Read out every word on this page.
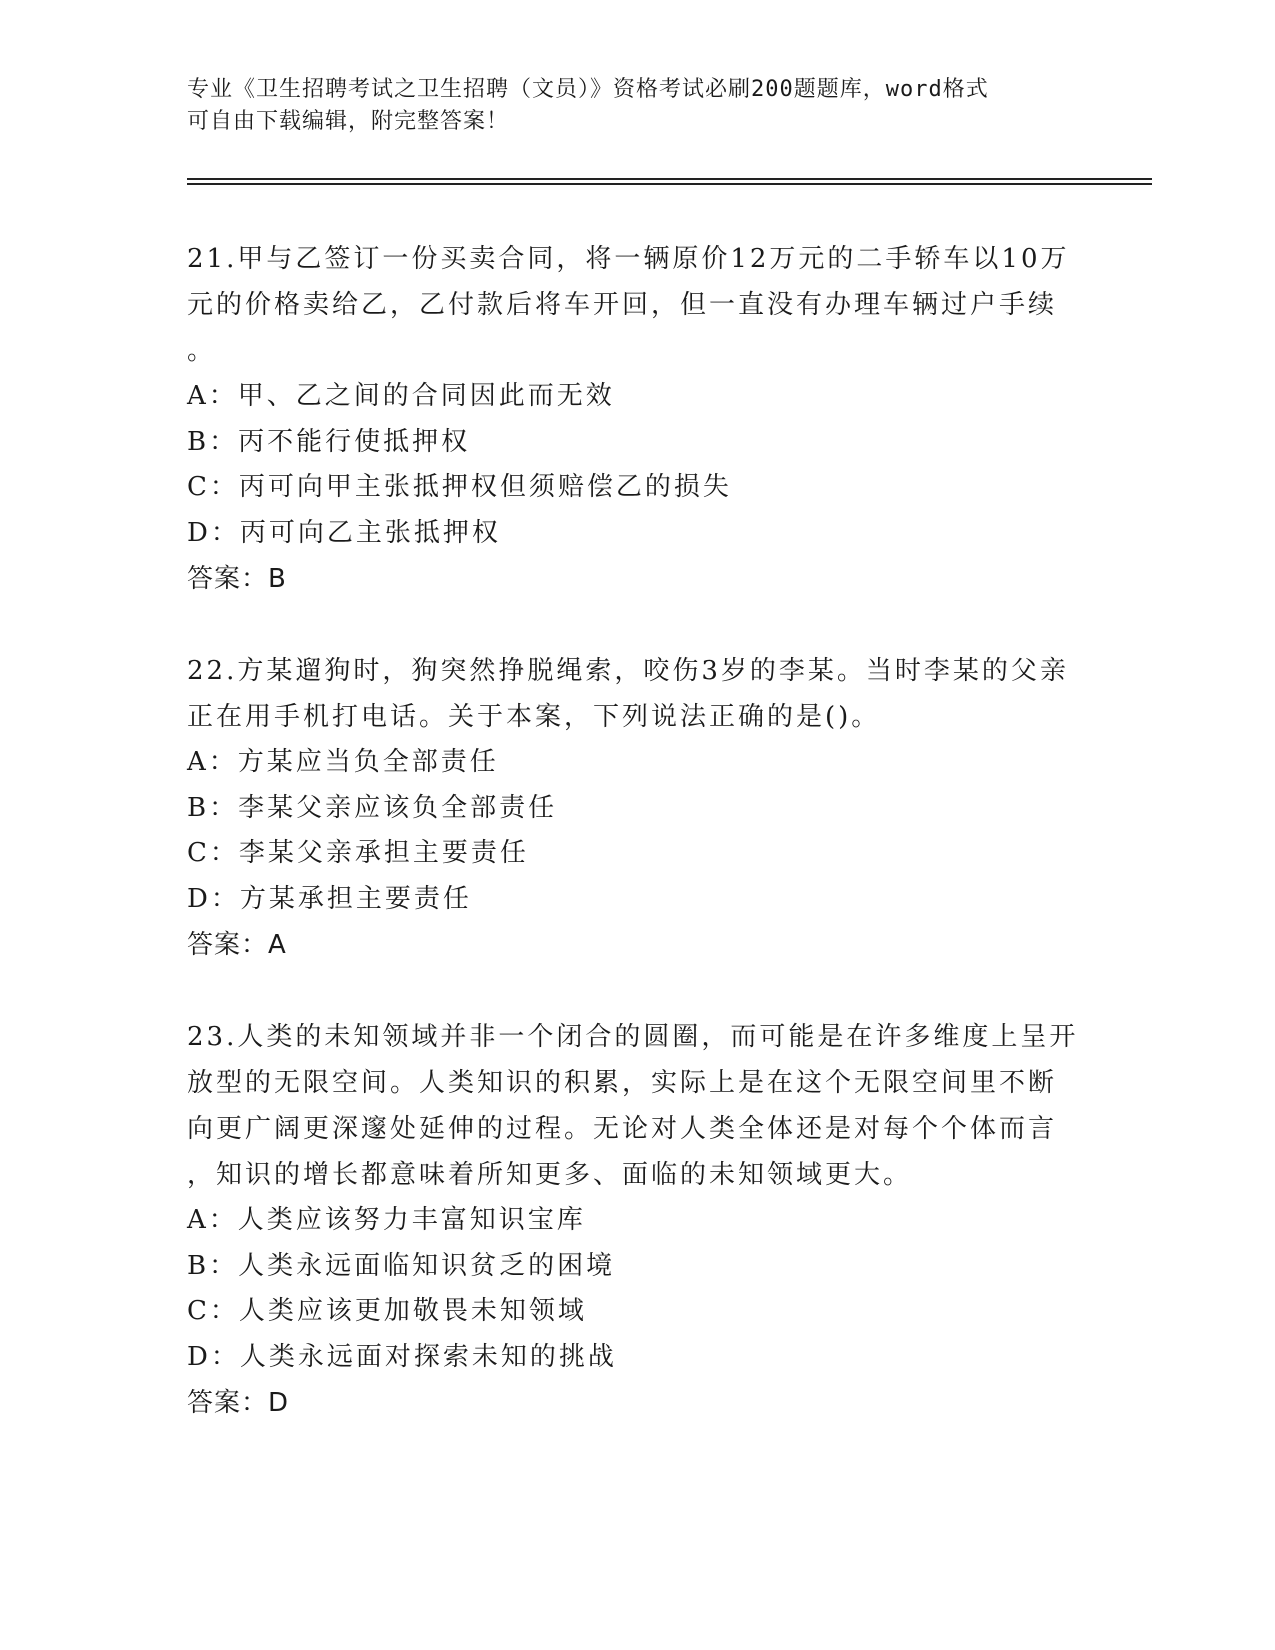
专业《卫生招聘考试之卫生招聘（文员）》资格考试必刷200题题库，word格式
可自由下载编辑，附完整答案！
21.甲与乙签订一份买卖合同，将一辆原价12万元的二手轿车以10万
元的价格卖给乙，乙付款后将车开回，但一直没有办理车辆过户手续
。
A：甲、乙之间的合同因此而无效
B：丙不能行使抵押权
C：丙可向甲主张抵押权但须赔偿乙的损失
D：丙可向乙主张抵押权
答案：B
22.方某遛狗时，狗突然挣脱绳索，咬伤3岁的李某。当时李某的父亲
正在用手机打电话。关于本案，下列说法正确的是()。
A：方某应当负全部责任
B：李某父亲应该负全部责任
C：李某父亲承担主要责任
D：方某承担主要责任
答案：A
23.人类的未知领域并非一个闭合的圆圈，而可能是在许多维度上呈开
放型的无限空间。人类知识的积累，实际上是在这个无限空间里不断
向更广阔更深邃处延伸的过程。无论对人类全体还是对每个个体而言
，知识的增长都意味着所知更多、面临的未知领域更大。
A：人类应该努力丰富知识宝库
B：人类永远面临知识贫乏的困境
C：人类应该更加敬畏未知领域
D：人类永远面对探索未知的挑战
答案：D
